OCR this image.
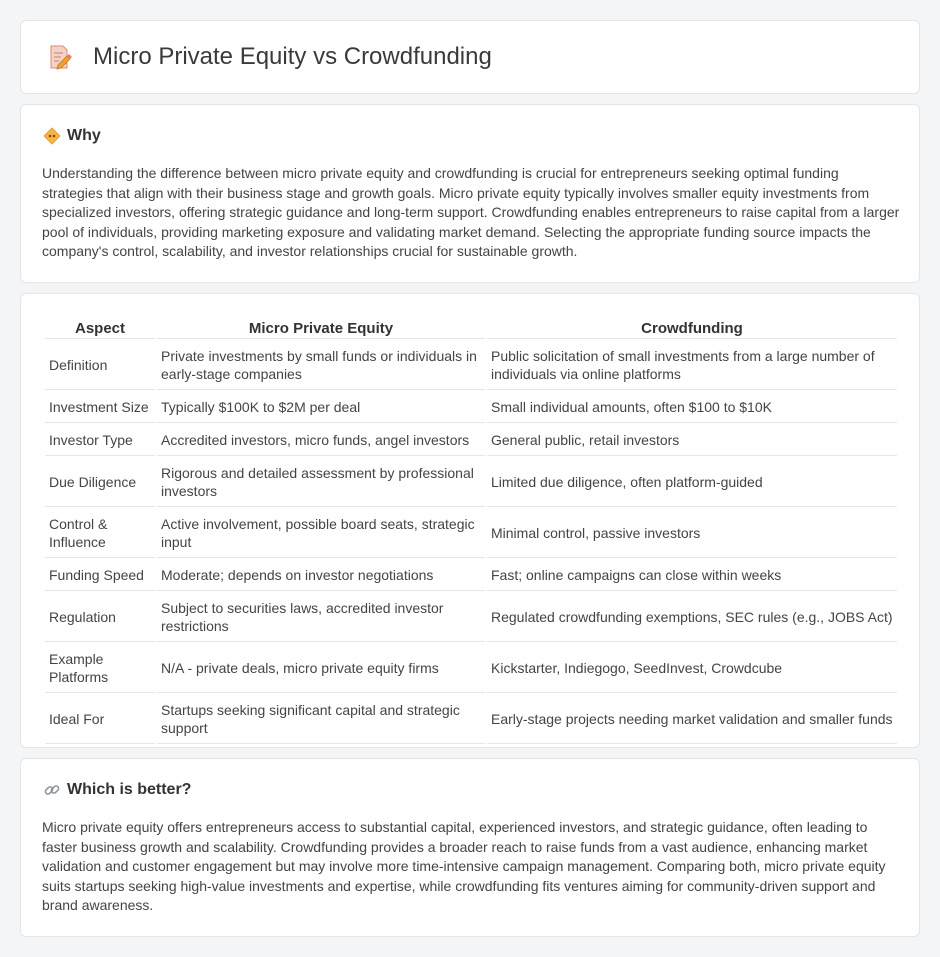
Micro Private Equity vs Crowdfunding
Why

Understanding the difference between micro private equity and crowdfunding is crucial for entrepreneurs seeking optimal funding strategies that align with their business stage and growth goals. Micro private equity typically involves smaller equity investments from specialized investors, offering strategic guidance and long-term support. Crowdfunding enables entrepreneurs to raise capital from a larger pool of individuals, providing marketing exposure and validating market demand. Selecting the appropriate funding source impacts the company's control, scalability, and investor relationships crucial for sustainable growth.

Aspect	Micro Private Equity	Crowdfunding
Definition	Private investments by small funds or individuals in early-stage companies	Public solicitation of small investments from a large number of individuals via online platforms
Investment Size	Typically $100K to $2M per deal	Small individual amounts, often $100 to $10K
Investor Type	Accredited investors, micro funds, angel investors	General public, retail investors
Due Diligence	Rigorous and detailed assessment by professional investors	Limited due diligence, often platform-guided
Control & Influence	Active involvement, possible board seats, strategic input	Minimal control, passive investors
Funding Speed	Moderate; depends on investor negotiations	Fast; online campaigns can close within weeks
Regulation	Subject to securities laws, accredited investor restrictions	Regulated crowdfunding exemptions, SEC rules (e.g., JOBS Act)
Example Platforms	N/A - private deals, micro private equity firms	Kickstarter, Indiegogo, SeedInvest, Crowdcube
Ideal For	Startups seeking significant capital and strategic support	Early-stage projects needing market validation and smaller funds
Which is better?

Micro private equity offers entrepreneurs access to substantial capital, experienced investors, and strategic guidance, often leading to faster business growth and scalability. Crowdfunding provides a broader reach to raise funds from a vast audience, enhancing market validation and customer engagement but may involve more time-intensive campaign management. Comparing both, micro private equity suits startups seeking high-value investments and expertise, while crowdfunding fits ventures aiming for community-driven support and brand awareness.
